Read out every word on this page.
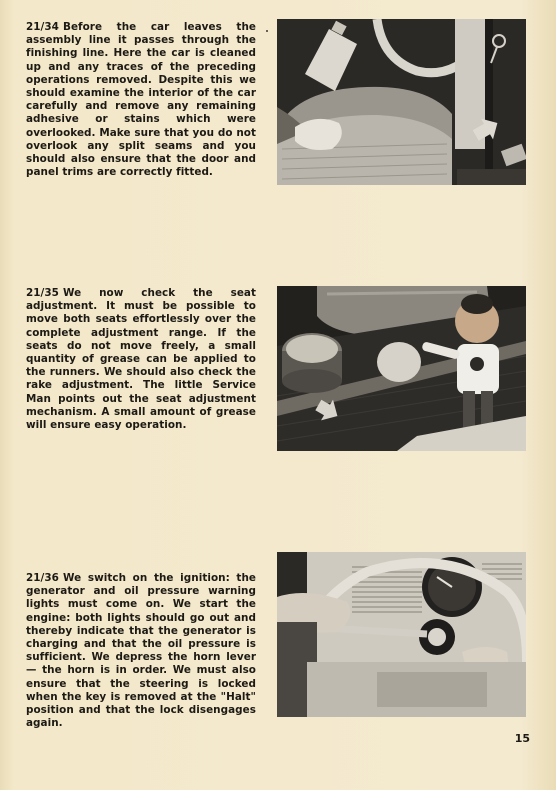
21/34 Before the car leaves the assembly line it passes through the finishing line. Here the car is cleaned up and any traces of the preceding operations removed. Despite this we should examine the interior of the car carefully and remove any remaining adhesive or stains which were overlooked. Make sure that you do not overlook any split seams and you should also ensure that the door and panel trims are correctly fitted.
21/35 We now check the seat adjustment. It must be possible to move both seats effortlessly over the complete adjustment range. If the seats do not move freely, a small quantity of grease can be applied to the runners. We should also check the rake adjustment. The little Service Man points out the seat adjustment mechanism. A small amount of grease will ensure easy operation.
21/36 We switch on the ignition: the generator and oil pressure warning lights must come on. We start the engine: both lights should go out and thereby indicate that the generator is charging and that the oil pressure is sufficient. We depress the horn lever — the horn is in order. We must also ensure that the steering is locked when the key is removed at the "Halt" position and that the lock disengages again.
15
